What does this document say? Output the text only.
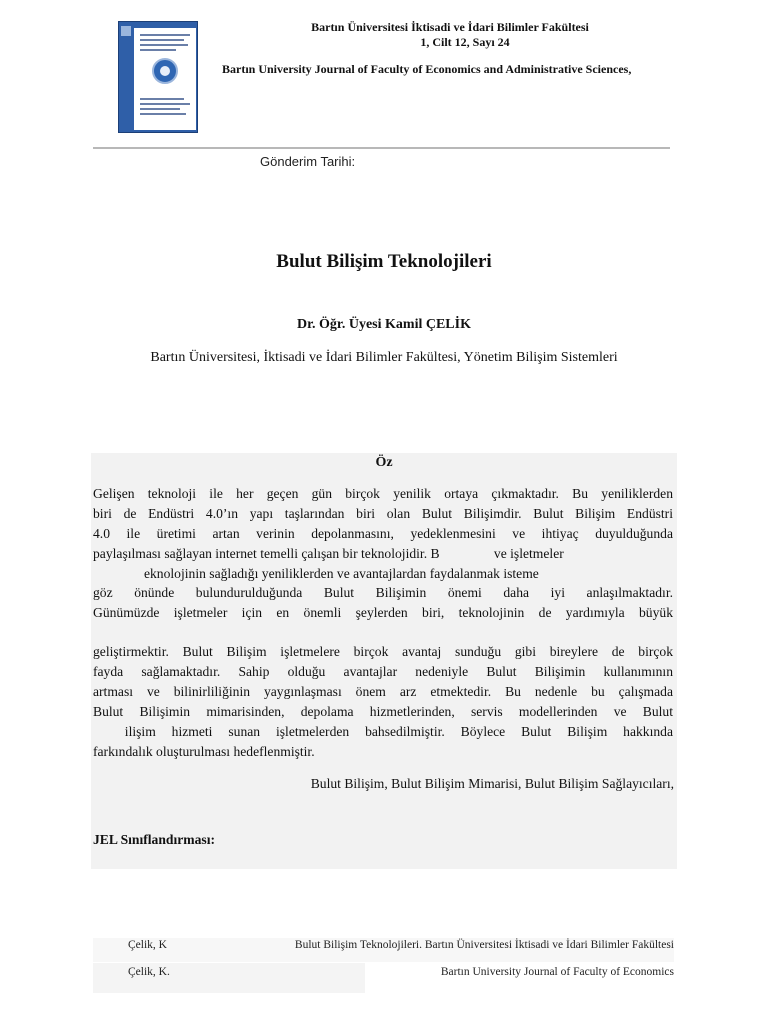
Bartın Üniversitesi İktisadi ve İdari Bilimler Fakültesi
1, Cilt 12, Sayı 24
Bartın University Journal of Faculty of Economics and Administrative Sciences,
Gönderim Tarihi:
Bulut Bilişim Teknolojileri
Dr. Öğr. Üyesi Kamil ÇELİK
Bartın Üniversitesi, İktisadi ve İdari Bilimler Fakültesi, Yönetim Bilişim Sistemleri
Öz
Gelişen teknoloji ile her geçen gün birçok yenilik ortaya çıkmaktadır. Bu yeniliklerden
biri de Endüstri 4.0’ın yapı taşlarından biri olan Bulut Bilişimdir. Bulut Bilişim Endüstri
4.0 ile üretimi artan verinin depolanmasını, yedeklenmesini ve ihtiyaç duyulduğunda
paylaşılması sağlayan internet temelli çalışan bir teknolojidir. B                ve işletmeler
eknolojinin sağladığı yeniliklerden ve avantajlardan faydalanmak isteme
göz önünde bulundurulduğunda Bulut Bilişimin önemi daha iyi anlaşılmaktadır.
Günümüzde işletmeler için en önemli şeylerden biri, teknolojinin de yardımıyla büyük
geliştirmektir. Bulut Bilişim işletmelere birçok avantaj sunduğu gibi bireylere de birçok
fayda sağlamaktadır. Sahip olduğu avantajlar nedeniyle Bulut Bilişimin kullanımının
artması ve bilinirliliğinin yaygınlaşması önem arz etmektedir. Bu nedenle bu çalışmada
Bulut Bilişimin mimarisinden, depolama hizmetlerinden, servis modellerinden ve Bulut
ilişim hizmeti sunan işletmelerden bahsedilmiştir. Böylece Bulut Bilişim hakkında
farkındalık oluşturulması hedeflenmiştir.
Bulut Bilişim, Bulut Bilişim Mimarisi, Bulut Bilişim Sağlayıcıları,
JEL Sınıflandırması:
Çelik, K	Bulut Bilişim Teknolojileri. Bartın Üniversitesi İktisadi ve İdari Bilimler Fakültesi
Çelik, K.	Bartın University Journal of Faculty of Economics
